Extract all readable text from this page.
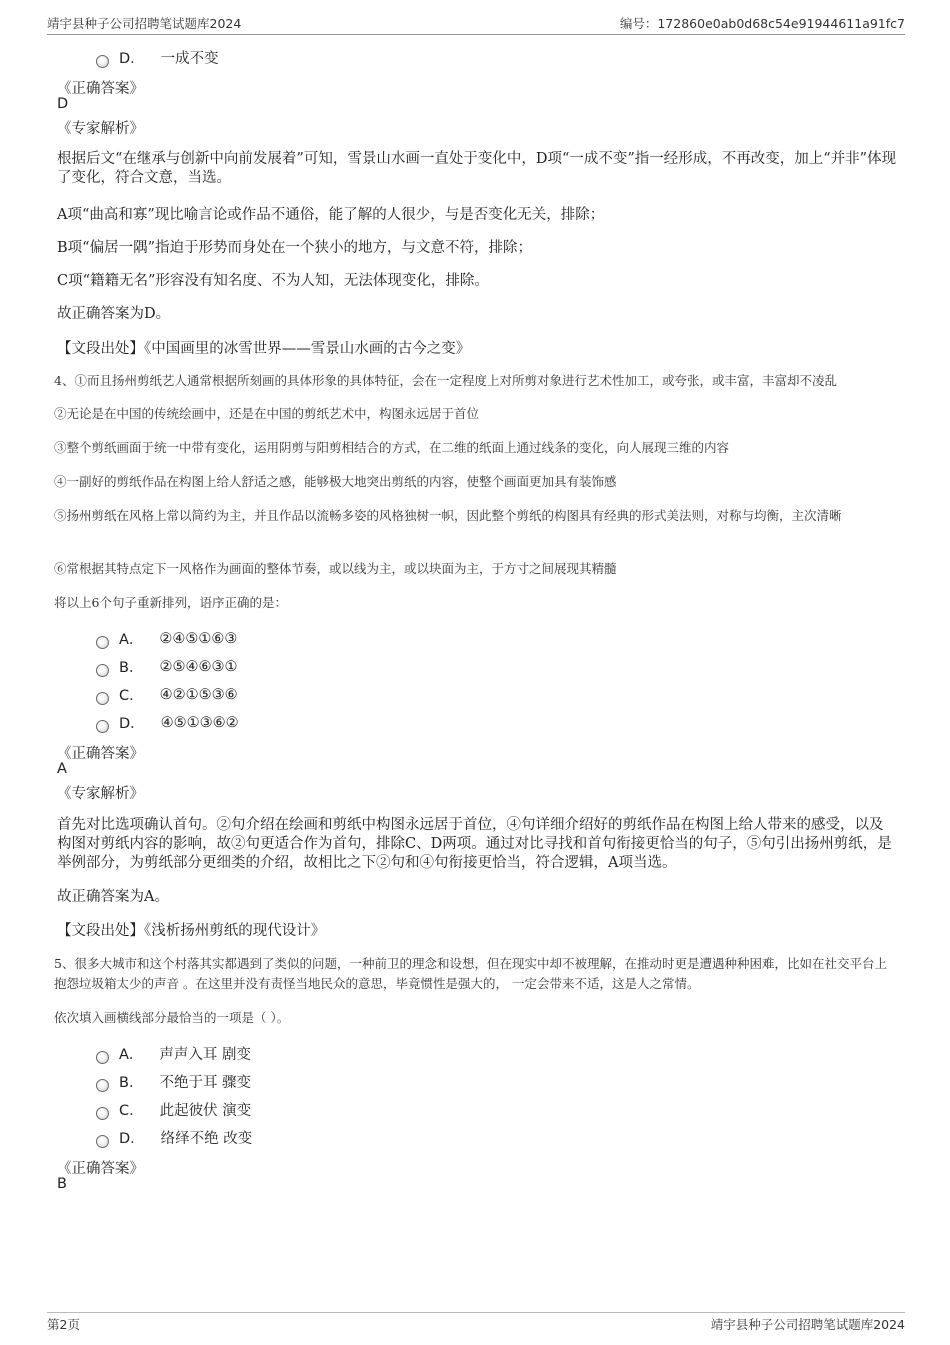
靖宇县种子公司招聘笔试题库2024	编号：172860e0ab0d68c54e91944611a91fc7
D． 一成不变
《正确答案》
D
《专家解析》
根据后文“在继承与创新中向前发展着”可知，雪景山水画一直处于变化中，D项“一成不变”指一经形成，不再改变，加上“并非”体现了变化，符合文意，当选。
A项“曲高和寡”现比喻言论或作品不通俗，能了解的人很少，与是否变化无关，排除；
B项“偏居一隅”指迫于形势而身处在一个狭小的地方，与文意不符，排除；
C项“籍籍无名”形容没有知名度、不为人知，无法体现变化，排除。
故正确答案为D。
【文段出处】《中国画里的冰雪世界——雪景山水画的古今之变》
4、①而且扬州剪纸艺人通常根据所刻画的具体形象的具体特征，会在一定程度上对所剪对象进行艺术性加工，或夸张，或丰富，丰富却不凌乱
②无论是在中国的传统绘画中，还是在中国的剪纸艺术中，构图永远居于首位
③整个剪纸画面于统一中带有变化，运用阴剪与阳剪相结合的方式，在二维的纸面上通过线条的变化，向人展现三维的内容
④一副好的剪纸作品在构图上给人舒适之感，能够极大地突出剪纸的内容，使整个画面更加具有装饰感
⑤扬州剪纸在风格上常以简约为主，并且作品以流畅多姿的风格独树一帜，因此整个剪纸的构图具有经典的形式美法则，对称与均衡，主次清晰
⑥常根据其特点定下一风格作为画面的整体节奏，或以线为主，或以块面为主，于方寸之间展现其精髓
将以上6个句子重新排列，语序正确的是：
A． ②④⑤①⑥③
B． ②⑤④⑥③①
C． ④②①⑤③⑥
D． ④⑤①③⑥②
《正确答案》
A
《专家解析》
首先对比选项确认首句。②句介绍在绘画和剪纸中构图永远居于首位，④句详细介绍好的剪纸作品在构图上给人带来的感受，以及构图对剪纸内容的影响，故②句更适合作为首句，排除C、D两项。通过对比寻找和首句衔接更恰当的句子，⑤句引出扬州剪纸，是举例部分，为剪纸部分更细类的介绍，故相比之下②句和④句衔接更恰当，符合逻辑，A项当选。
故正确答案为A。
【文段出处】《浅析扬州剪纸的现代设计》
5、很多大城市和这个村落其实都遇到了类似的问题，一种前卫的理念和设想，但在现实中却不被理解，在推动时更是遭遇种种困难，比如在社交平台上抱怨垃圾箱太少的声音 。在这里并没有责怪当地民众的意思，毕竟惯性是强大的， 一定会带来不适，这是人之常情。
依次填入画横线部分最恰当的一项是（ ）。
A． 声声入耳 剧变
B． 不绝于耳 骤变
C． 此起彼伏 演变
D． 络绎不绝 改变
《正确答案》
B
第2页	靖宇县种子公司招聘笔试题库2024
